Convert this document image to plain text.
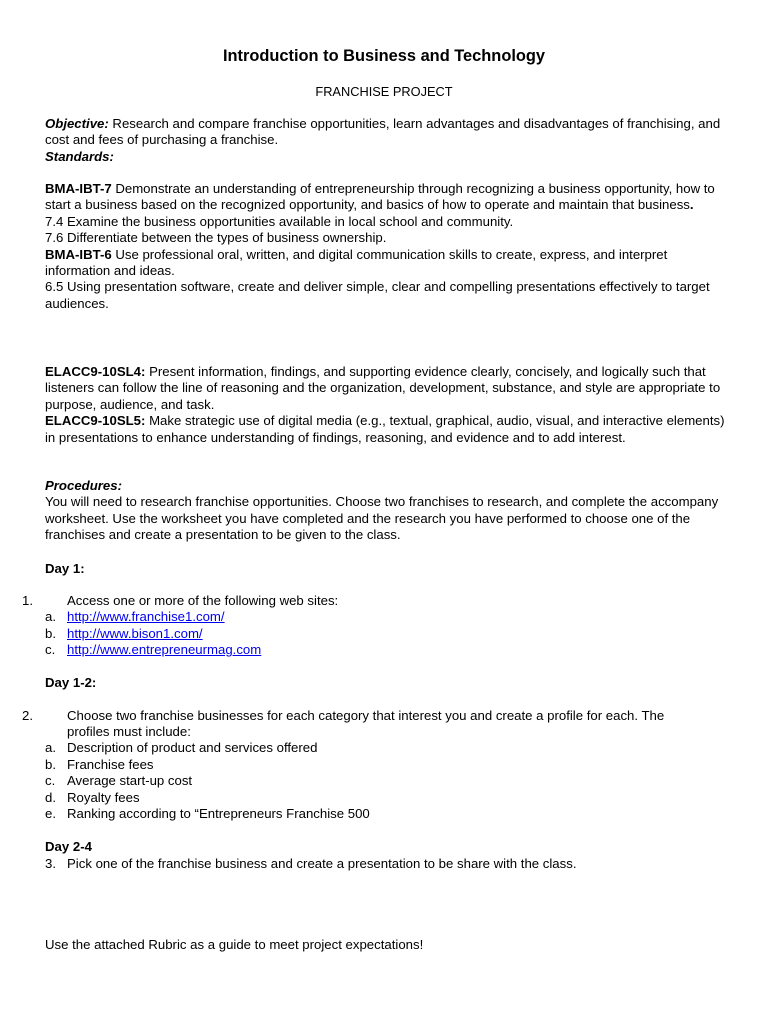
Introduction to Business and Technology
FRANCHISE PROJECT

Objective: Research and compare franchise opportunities, learn advantages and disadvantages of franchising, and cost and fees of purchasing a franchise.

Standards:

BMA-IBT-7 Demonstrate an understanding of entrepreneurship through recognizing a business opportunity, how to start a business based on the recognized opportunity, and basics of how to operate and maintain that business.

7.4 Examine the business opportunities available in local school and community.

7.6 Differentiate between the types of business ownership.

BMA-IBT-6 Use professional oral, written, and digital communication skills to create, express, and interpret information and ideas.

6.5 Using presentation software, create and deliver simple, clear and compelling presentations effectively to target audiences.

ELACC9-10SL4: Present information, findings, and supporting evidence clearly, concisely, and logically such that listeners can follow the line of reasoning and the organization, development, substance, and style are appropriate to purpose, audience, and task.

ELACC9-10SL5: Make strategic use of digital media (e.g., textual, graphical, audio, visual, and interactive elements) in presentations to enhance understanding of findings, reasoning, and evidence and to add interest.

Procedures:

You will need to research franchise opportunities. Choose two franchises to research, and complete the accompany worksheet. Use the worksheet you have completed and the research you have performed to choose one of the franchises and create a presentation to be given to the class.

Day 1:
1.	Access one or more of the following web sites:
a. http://www.franchise1.com/
b. http://www.bison1.com/
c. http://www.entrepreneurmag.com
Day 1-2:
2.	Choose two franchise businesses for each category that interest you and create a profile for each. The profiles must include:
a. Description of product and services offered
b. Franchise fees
c. Average start-up cost
d. Royalty fees
e. Ranking according to “Entrepreneurs Franchise 500
Day 2-4
3. Pick one of the franchise business and create a presentation to be share with the class.
Use the attached Rubric as a guide to meet project expectations!
